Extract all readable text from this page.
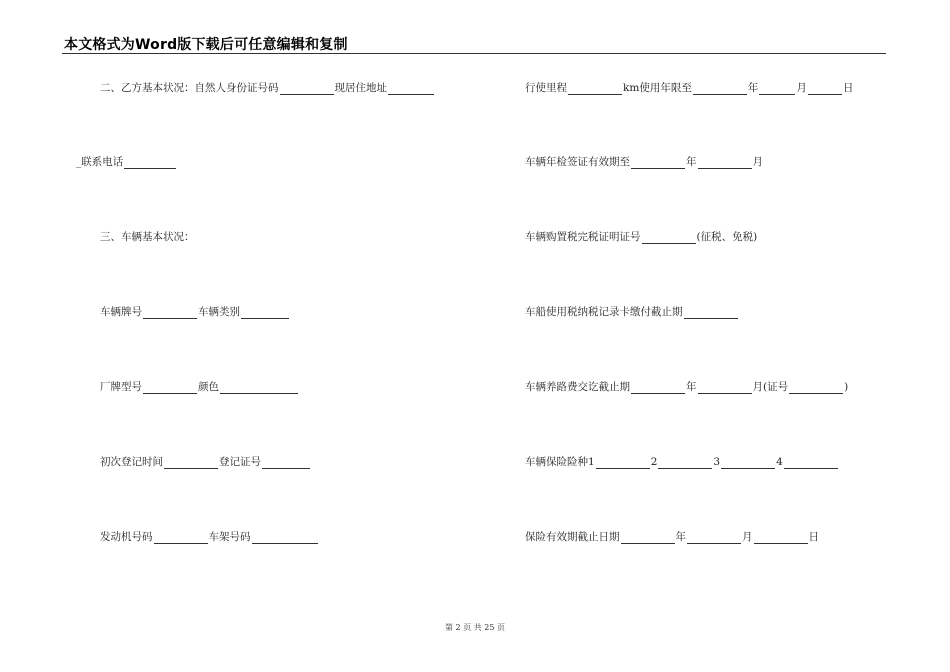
本文格式为Word版下载后可任意编辑和复制
二、乙方基本状况：自然人身份证号码	现居住地址
_联系电话
三、车辆基本状况：
车辆牌号	车辆类别
厂牌型号	颜色
初次登记时间	登记证号
发动机号码	车架号码
行使里程	km使用年限至	年	月	日
车辆年检签证有效期至	年	月
车辆购置税完税证明证号	(征税、免税)
车船使用税纳税记录卡缴付截止期
车辆养路费交讫截止期	年	月(证号	)
车辆保险险种1	2	3	4
保险有效期截止日期	年	月	日
第 2 页 共 25 页
